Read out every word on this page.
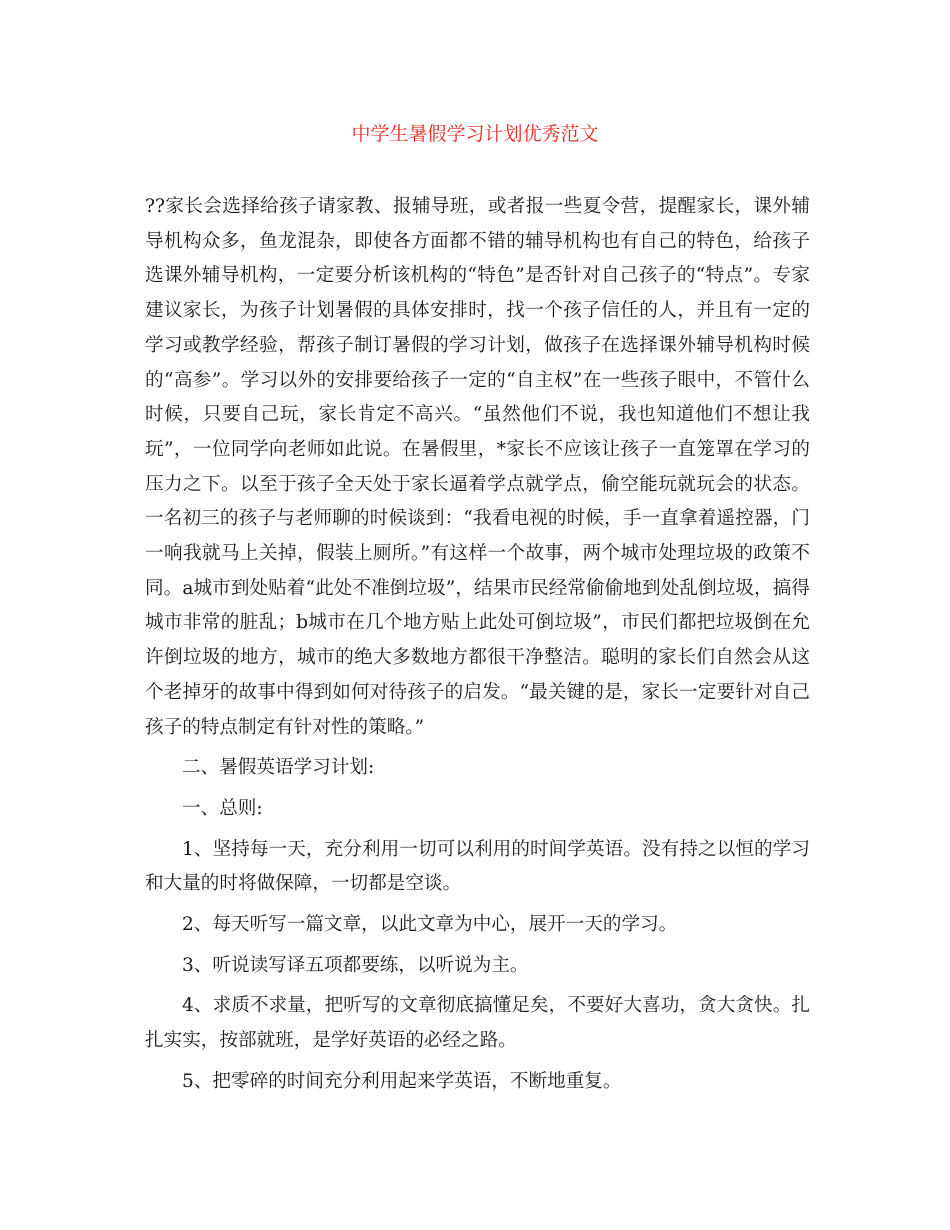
中学生暑假学习计划优秀范文

??家长会选择给孩子请家教、报辅导班，或者报一些夏令营，提醒家长，课外辅导机构众多，鱼龙混杂，即使各方面都不错的辅导机构也有自己的特色，给孩子选课外辅导机构，一定要分析该机构的“特色”是否针对自己孩子的“特点”。专家建议家长，为孩子计划暑假的具体安排时，找一个孩子信任的人，并且有一定的学习或教学经验，帮孩子制订暑假的学习计划，做孩子在选择课外辅导机构时候的“高参”。学习以外的安排要给孩子一定的“自主权”在一些孩子眼中，不管什么时候，只要自己玩，家长肯定不高兴。“虽然他们不说，我也知道他们不想让我玩”，一位同学向老师如此说。在暑假里，*家长不应该让孩子一直笼罩在学习的压力之下。以至于孩子全天处于家长逼着学点就学点，偷空能玩就玩会的状态。一名初三的孩子与老师聊的时候谈到：“我看电视的时候，手一直拿着遥控器，门一响我就马上关掉，假装上厕所。”有这样一个故事，两个城市处理垃圾的政策不同。a城市到处贴着“此处不准倒垃圾”，结果市民经常偷偷地到处乱倒垃圾，搞得城市非常的脏乱；b城市在几个地方贴上此处可倒垃圾”，市民们都把垃圾倒在允许倒垃圾的地方，城市的绝大多数地方都很干净整洁。聪明的家长们自然会从这个老掉牙的故事中得到如何对待孩子的启发。“最关键的是，家长一定要针对自己孩子的特点制定有针对性的策略。”

二、暑假英语学习计划:

一、总则:

1、坚持每一天，充分利用一切可以利用的时间学英语。没有持之以恒的学习和大量的时将做保障，一切都是空谈。

2、每天听写一篇文章，以此文章为中心，展开一天的学习。

3、听说读写译五项都要练，以听说为主。

4、求质不求量，把听写的文章彻底搞懂足矣，不要好大喜功，贪大贪快。扎扎实实，按部就班，是学好英语的必经之路。

5、把零碎的时间充分利用起来学英语，不断地重复。
